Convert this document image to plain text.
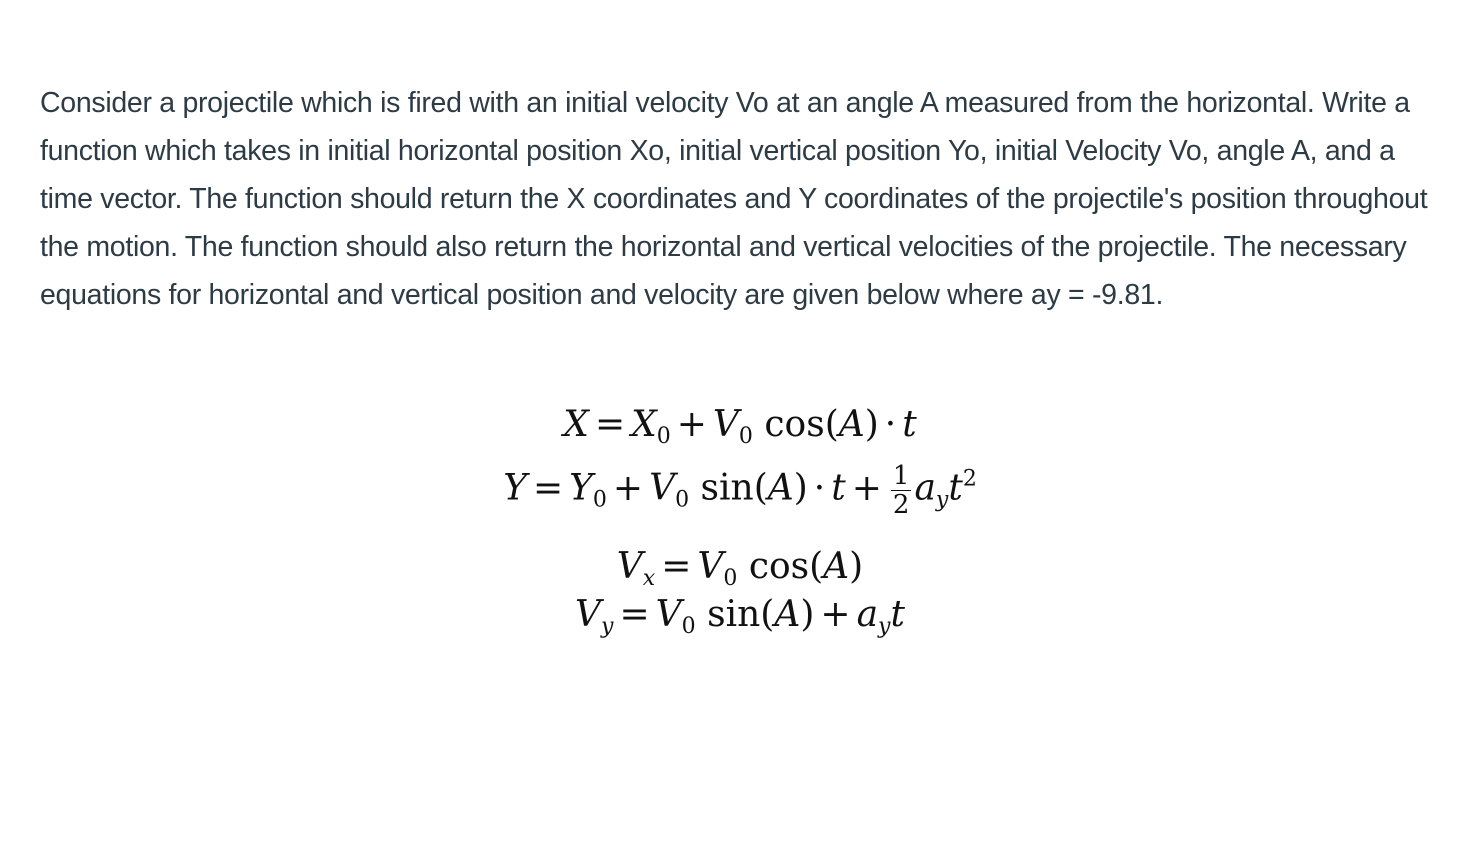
Consider a projectile which is fired with an initial velocity Vo at an angle A measured from the horizontal. Write a function which takes in initial horizontal position Xo, initial vertical position Yo, initial Velocity Vo, angle A, and a time vector. The function should return the X coordinates and Y coordinates of the projectile's position throughout the motion. The function should also return the horizontal and vertical velocities of the projectile. The necessary equations for horizontal and vertical position and velocity are given below where ay = -9.81.

$X = X_0 + V_0$ cos(A) · t
$Y = Y_0 + V_0$ $\sin(A) \cdot t + \frac{1}{2} a_yt^2$
$V_x = V_0$ cos(A)
$V_y = V_0$ $\sin(A) + a_yt$
